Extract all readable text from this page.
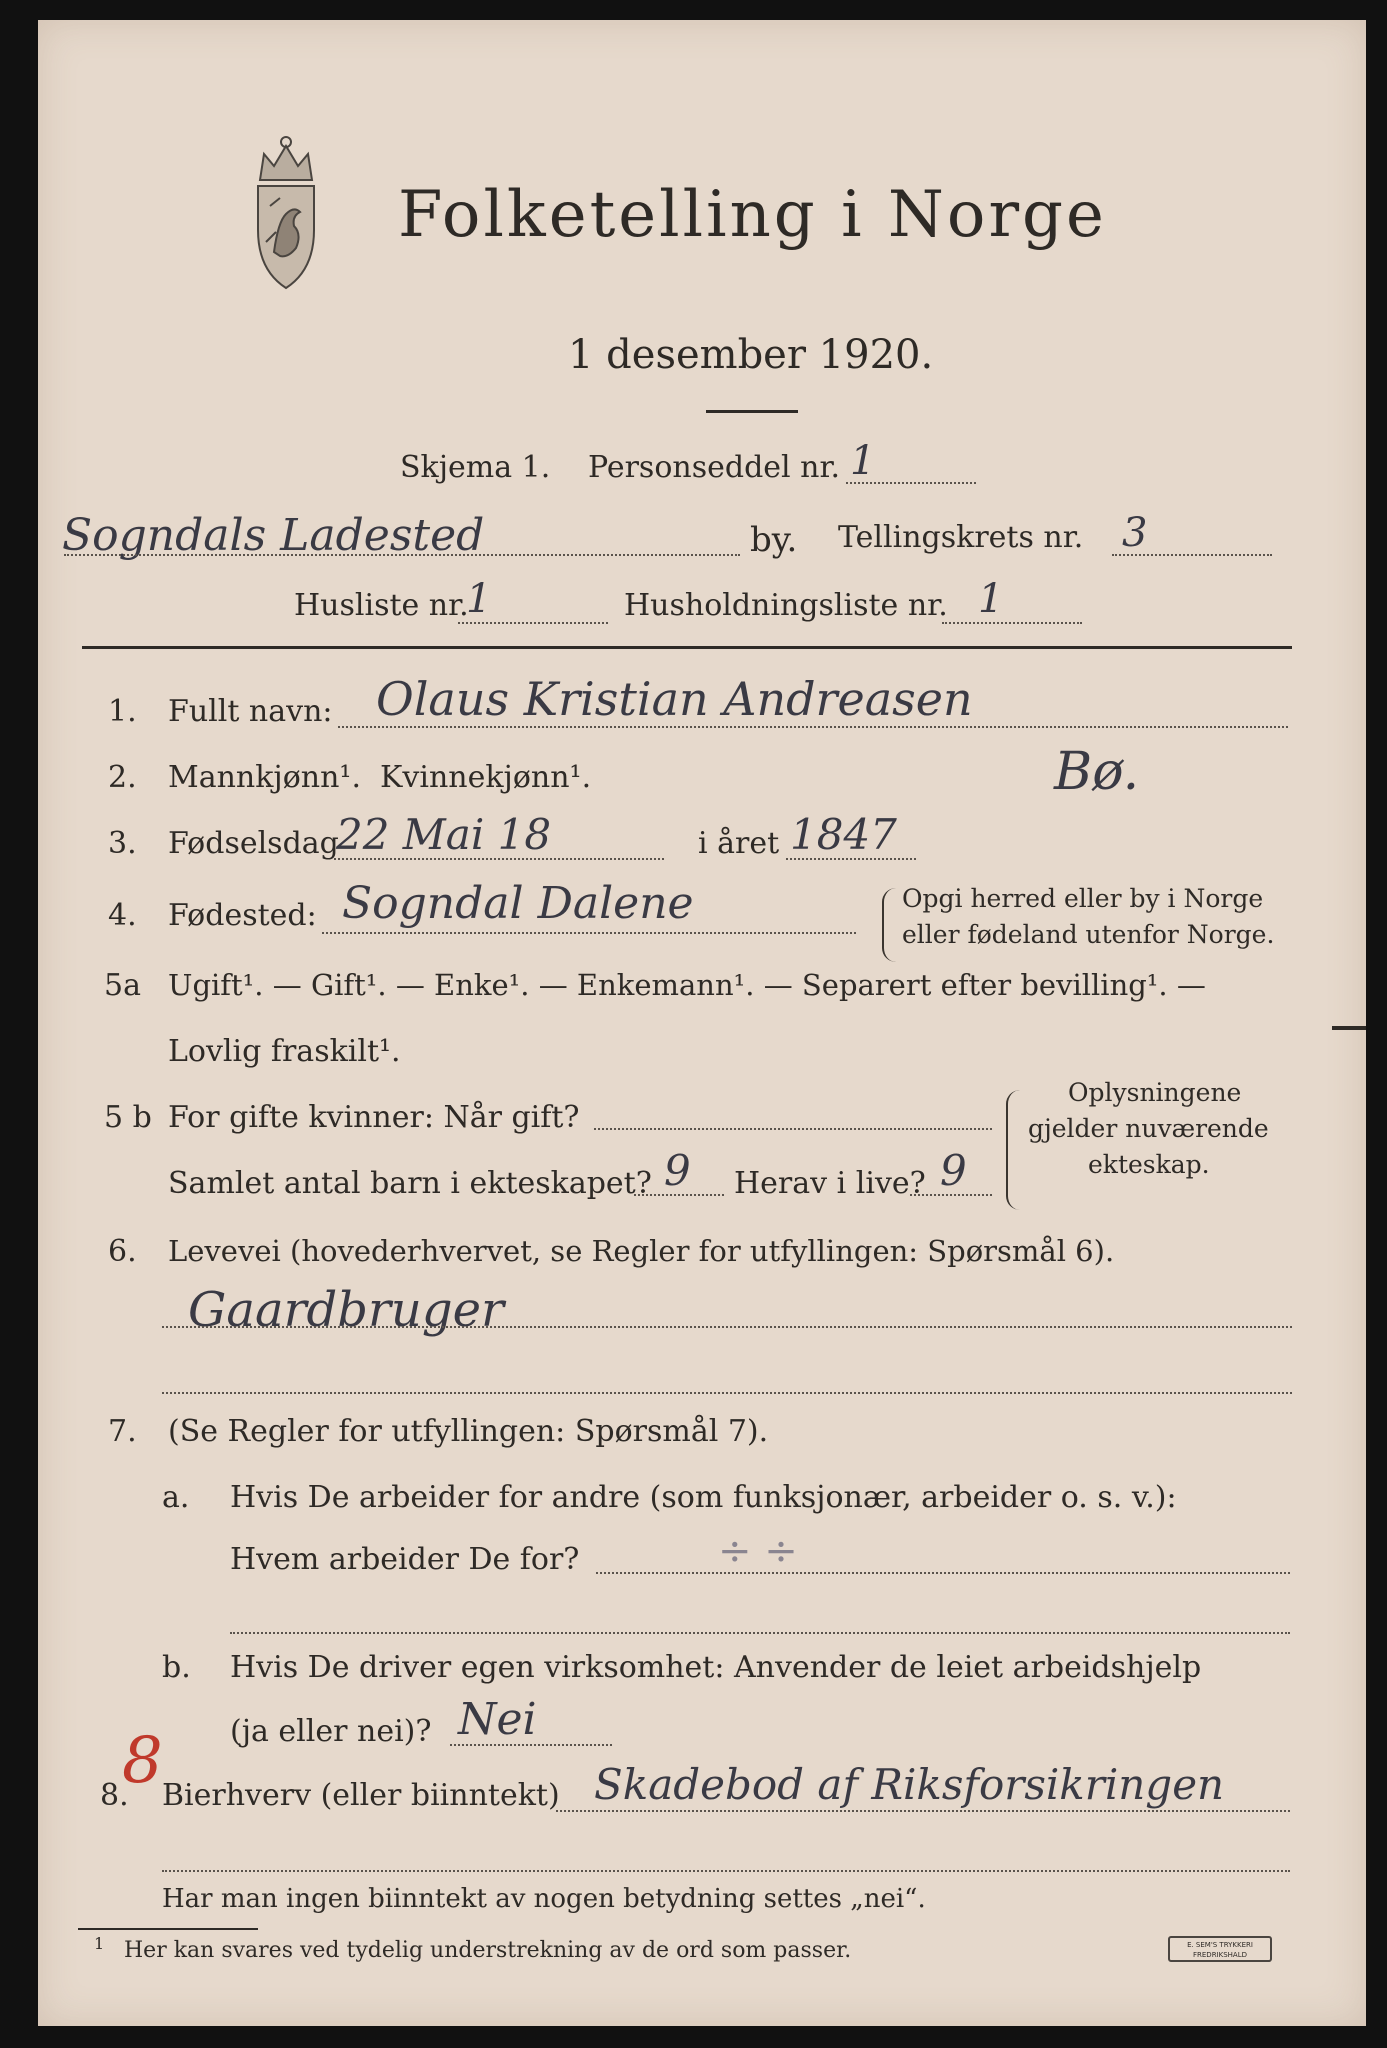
Folketelling i Norge
1 desember 1920.
Skjema 1. Personseddel nr. 1
Sogndals Ladested	by. Tellingskrets nr. 3
Husliste nr.
1	Husholdningsliste nr. 1
1. Fullt navn: Olaus Kristian Andreasen
2. Mannkjønn¹. Kvinnekjønn¹.	Bø.
3. Fødselsdag
22 Mai 18	i året 1847
4. Fødested: Sogndal Dalene	Opgi herred eller by i Norge
eller fødeland utenfor Norge.
5a Ugift¹. — Gift¹. — Enke¹. — Enkemann¹. — Separert efter bevilling¹. —
Lovlig fraskilt¹.
5 b For gifte kvinner: Når gift?
Samlet antal barn i ekteskapet? 9 Herav i live? 9
Oplysningene
gjelder nuværende
ekteskap.
6. Levevei (hovederhvervet, se Regler for utfyllingen: Spørsmål 6).
Gaardbruger
7. (Se Regler for utfyllingen: Spørsmål 7).
a. Hvis De arbeider for andre (som funksjonær, arbeider o. s. v.):
Hvem arbeider De for?	÷ ÷
b. Hvis De driver egen virksomhet: Anvender de leiet arbeidshjelp
(ja eller nei)? Nei
8
8. Bierhverv (eller biinntekt) Skadebod af Riksforsikringen
Har man ingen biinntekt av nogen betydning settes „nei“.
1 Her kan svares ved tydelig understrekning av de ord som passer.	E. SEM'S TRYKKERI
FREDRIKSHALD
